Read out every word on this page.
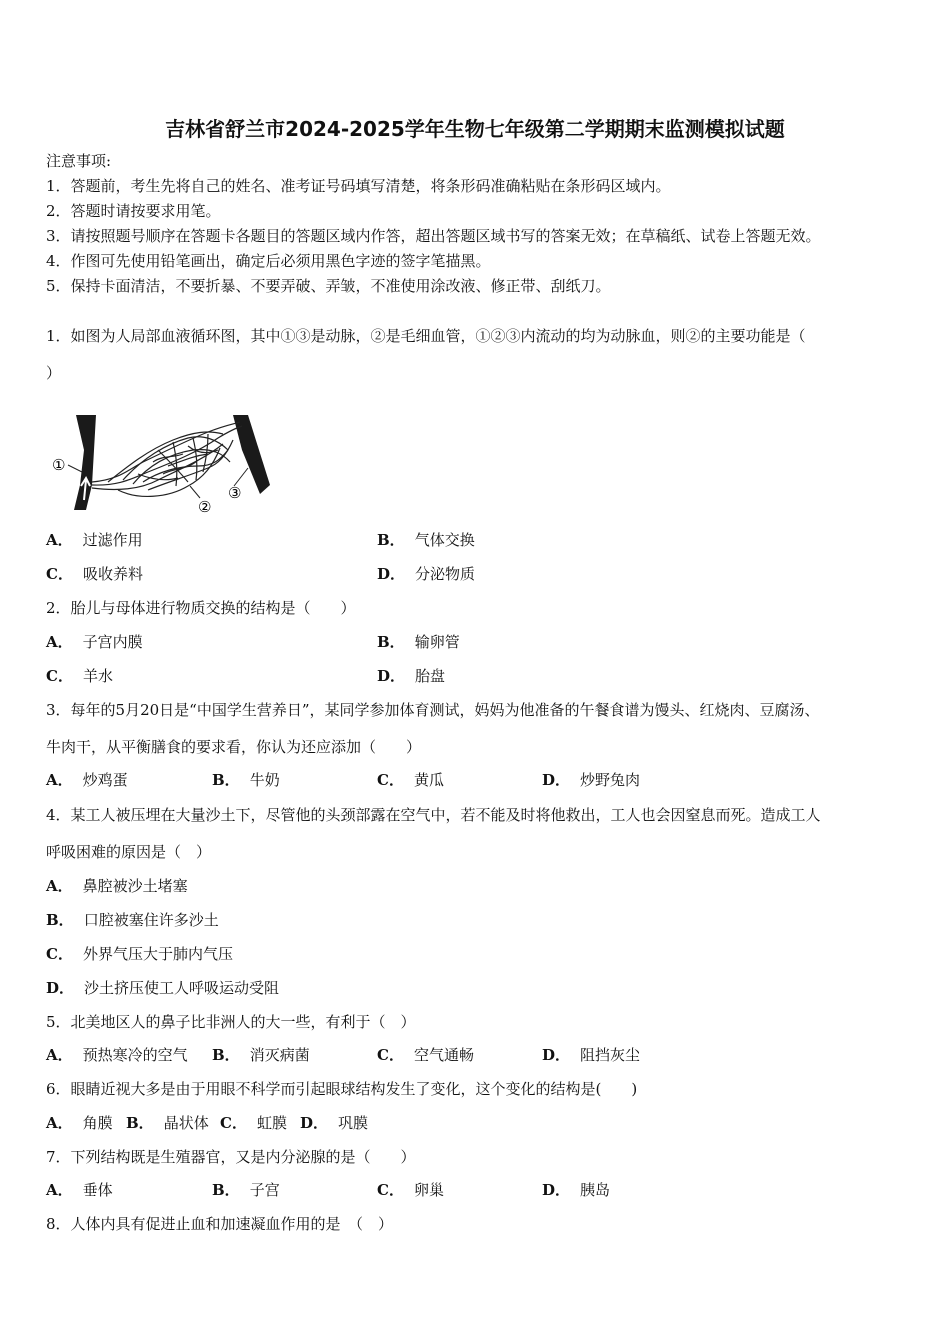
吉林省舒兰市2024-2025学年生物七年级第二学期期末监测模拟试题
注意事项:
1．答题前，考生先将自己的姓名、准考证号码填写清楚，将条形码准确粘贴在条形码区域内。
2．答题时请按要求用笔。
3．请按照题号顺序在答题卡各题目的答题区域内作答，超出答题区域书写的答案无效；在草稿纸、试卷上答题无效。
4．作图可先使用铅笔画出，确定后必须用黑色字迹的签字笔描黑。
5．保持卡面清洁，不要折暴、不要弄破、弄皱，不准使用涂改液、修正带、刮纸刀。
1．如图为人局部血液循环图，其中①③是动脉，②是毛细血管，①②③内流动的均为动脉血，则②的主要功能是（
）
①
②
③
A． 过滤作用	B． 气体交换
C． 吸收养料	D． 分泌物质
2．胎儿与母体进行物质交换的结构是（　　）
A． 子宫内膜	B． 输卵管
C． 羊水	D． 胎盘
3．每年的5月20日是“中国学生营养日”，某同学参加体育测试，妈妈为他准备的午餐食谱为馒头、红烧肉、豆腐汤、
牛肉干，从平衡膳食的要求看，你认为还应添加（　　）
A． 炒鸡蛋	B． 牛奶	C． 黄瓜	D． 炒野兔肉
4．某工人被压埋在大量沙土下，尽管他的头颈部露在空气中，若不能及时将他救出，工人也会因窒息而死。造成工人
呼吸困难的原因是（　）
A． 鼻腔被沙土堵塞
B． 口腔被塞住许多沙土
C． 外界气压大于肺内气压
D． 沙土挤压使工人呼吸运动受阻
5．北美地区人的鼻子比非洲人的大一些，有利于（　）
A． 预热寒冷的空气 B． 消灭病菌	C． 空气通畅	D． 阻挡灰尘
6．眼睛近视大多是由于用眼不科学而引起眼球结构发生了变化，这个变化的结构是(　　)
A． 角膜 B． 晶状体 C． 虹膜 D． 巩膜
7．下列结构既是生殖器官，又是内分泌腺的是（　　）
A． 垂体	B． 子宫	C． 卵巢	D． 胰岛
8．人体内具有促进止血和加速凝血作用的是　（　）
